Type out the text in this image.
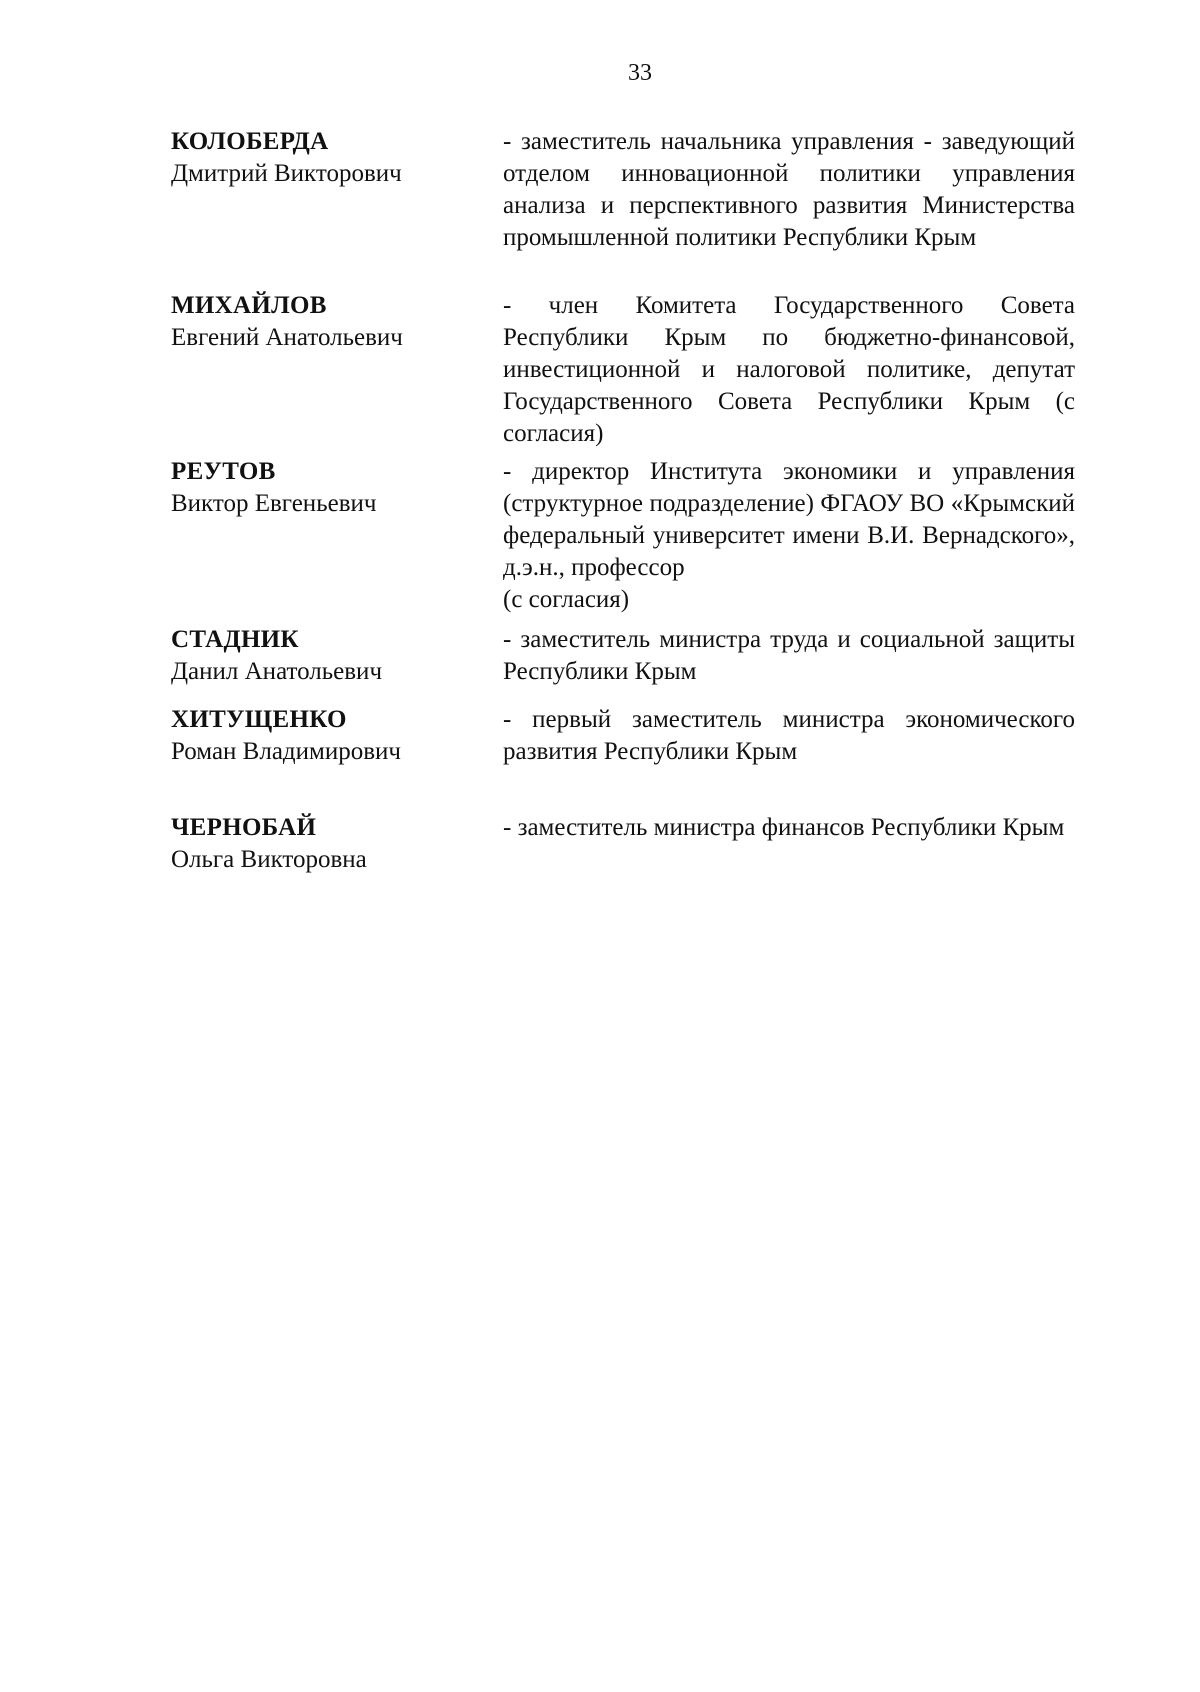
33
КОЛОБЕРДА
Дмитрий Викторович
- заместитель начальника управления - заведующий отделом инновационной политики управления анализа и перспективного развития Министерства промышленной политики Республики Крым
МИХАЙЛОВ
Евгений Анатольевич
- член Комитета Государственного Совета Республики Крым по бюджетно-финансовой, инвестиционной и налоговой политике, депутат Государственного Совета Республики Крым (с согласия)
РЕУТОВ
Виктор Евгеньевич
- директор Института экономики и управления (структурное подразделение) ФГАОУ ВО «Крымский федеральный университет имени В.И. Вернадского», д.э.н., профессор
(с согласия)
СТАДНИК
Данил Анатольевич
- заместитель министра труда и социальной защиты Республики Крым
ХИТУЩЕНКО
Роман Владимирович
- первый заместитель министра экономического развития Республики Крым
ЧЕРНОБАЙ
Ольга Викторовна
- заместитель министра финансов Республики Крым
